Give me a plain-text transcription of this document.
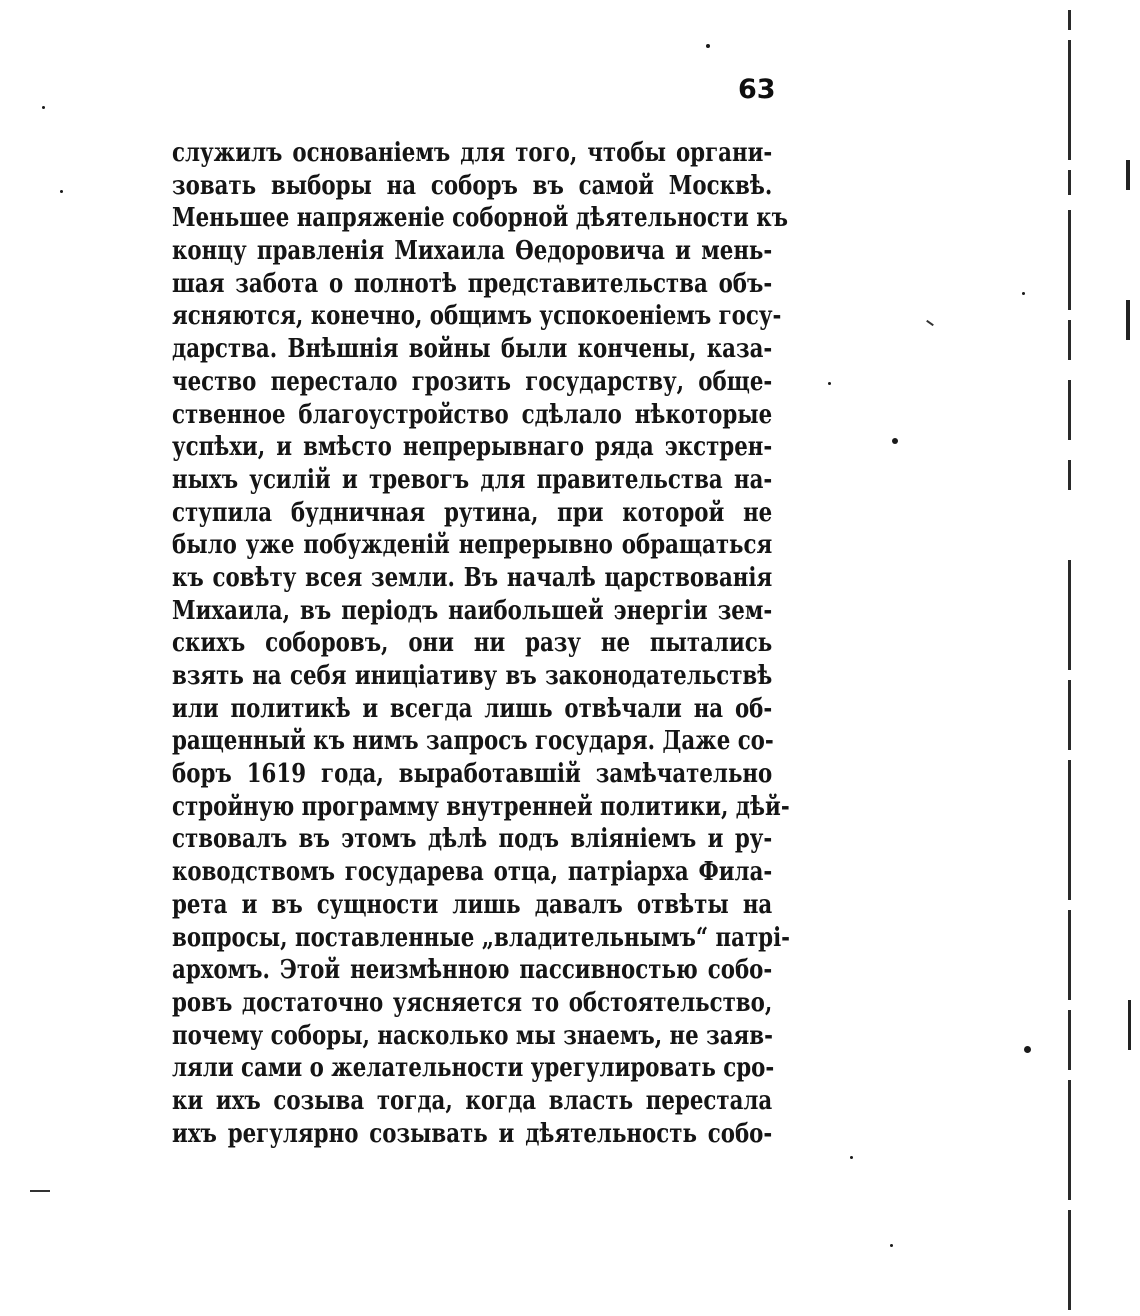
63
служилъ основаніемъ для того, чтобы органи-
зовать выборы на соборъ въ самой Москвѣ.
Меньшее напряженіе соборной дѣятельности къ
концу правленія Михаила Ѳедоровича и мень-
шая забота о полнотѣ представительства объ-
ясняются, конечно, общимъ успокоеніемъ госу-
дарства. Внѣшнія войны были кончены, каза-
чество перестало грозить государству, обще-
ственное благоустройство сдѣлало нѣкоторые
успѣхи, и вмѣсто непрерывнаго ряда экстрен-
ныхъ усилій и тревогъ для правительства на-
ступила будничная рутина, при которой не
было уже побужденій непрерывно обращаться
къ совѣту всея земли. Въ началѣ царствованія
Михаила, въ періодъ наибольшей энергіи зем-
скихъ соборовъ, они ни разу не пытались
взять на себя иниціативу въ законодательствѣ
или политикѣ и всегда лишь отвѣчали на об-
ращенный къ нимъ запросъ государя. Даже со-
боръ 1619 года, выработавшій замѣчательно
стройную программу внутренней политики, дѣй-
ствовалъ въ этомъ дѣлѣ подъ вліяніемъ и ру-
ководствомъ государева отца, патріарха Фила-
рета и въ сущности лишь давалъ отвѣты на
вопросы, поставленные „владительнымъ“ патрі-
архомъ. Этой неизмѣнною пассивностью собо-
ровъ достаточно уясняется то обстоятельство,
почему соборы, насколько мы знаемъ, не заяв-
ляли сами о желательности урегулировать сро-
ки ихъ созыва тогда, когда власть перестала
ихъ регулярно созывать и дѣятельность собо-
